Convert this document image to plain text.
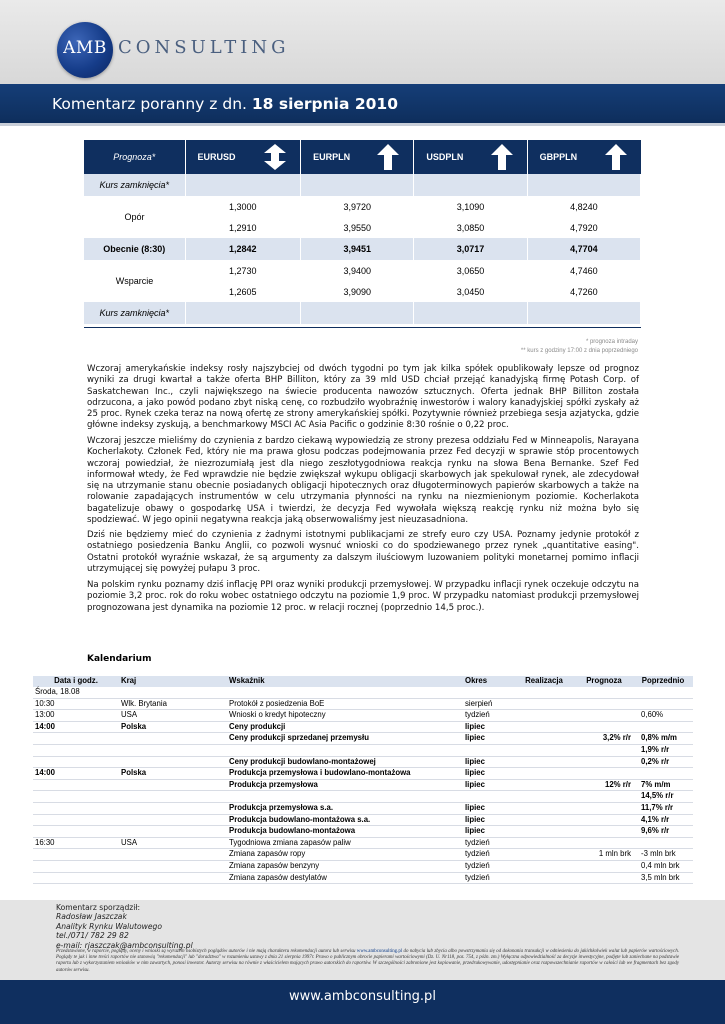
AMB CONSULTING
Komentarz poranny z dn. 18 sierpnia 2010
Prognoza*	EURUSD	EURPLN	USDPLN	GBPPLN

Kurs zamknięcia*				
Opór	1,3000	3,9720	3,1090	4,8240
	1,2910	3,9550	3,0850	4,7920
Obecnie (8:30)	1,2842	3,9451	3,0717	4,7704
Wsparcie	1,2730	3,9400	3,0650	4,7460
	1,2605	3,9090	3,0450	4,7260
Kurs zamknięcia*				
* prognoza intraday
** kurs z godziny 17:00 z dnia poprzedniego

Wczoraj amerykańskie indeksy rosły najszybciej od dwóch tygodni po tym jak kilka spółek opublikowały lepsze od prognoz wyniki za drugi kwartał a także oferta BHP Billiton, który za 39 mld USD chciał przejąć kanadyjską firmę Potash Corp. of Saskatchewan Inc., czyli największego na świecie producenta nawozów sztucznych. Oferta jednak BHP Billiton została odrzucona, a jako powód podano zbyt niską cenę, co rozbudziło wyobraźnię inwestorów i walory kanadyjskiej spółki zyskały aż 25 proc. Rynek czeka teraz na nową ofertę ze strony amerykańskiej spółki. Pozytywnie również przebiega sesja azjatycka, gdzie główne indeksy zyskują, a benchmarkowy MSCI AC Asia Pacific o godzinie 8:30 rośnie o 0,22 proc.

Wczoraj jeszcze mieliśmy do czynienia z bardzo ciekawą wypowiedzią ze strony prezesa oddziału Fed w Minneapolis, Narayana Kocherlakoty. Członek Fed, który nie ma prawa głosu podczas podejmowania przez Fed decyzji w sprawie stóp procentowych wczoraj powiedział, że niezrozumiałą jest dla niego zeszłotygodniowa reakcja rynku na słowa Bena Bernanke. Szef Fed informował wtedy, że Fed wprawdzie nie będzie zwiększał wykupu obligacji skarbowych jak spekulował rynek, ale zdecydował się na utrzymanie stanu obecnie posiadanych obligacji hipotecznych oraz długoterminowych papierów skarbowych a także na rolowanie zapadających instrumentów w celu utrzymania płynności na rynku na niezmienionym poziomie. Kocherlakota bagatelizuje obawy o gospodarkę USA i twierdzi, że decyzja Fed wywołała większą reakcję rynku niż można było się spodziewać. W jego opinii negatywna reakcja jaką obserwowaliśmy jest nieuzasadniona.

Dziś nie będziemy mieć do czynienia z żadnymi istotnymi publikacjami ze strefy euro czy USA. Poznamy jedynie protokół z ostatniego posiedzenia Banku Anglii, co pozwoli wysnuć wnioski co do spodziewanego przez rynek „quantitative easing". Ostatni protokół wyraźnie wskazał, że są argumenty za dalszym iluściowym luzowaniem polityki monetarnej pomimo inflacji utrzymującej się powyżej pułapu 3 proc.

Na polskim rynku poznamy dziś inflację PPI oraz wyniki produkcji przemysłowej. W przypadku inflacji rynek oczekuje odczytu na poziomie 3,2 proc. rok do roku wobec ostatniego odczytu na poziomie 1,9 proc. W przypadku natomiast produkcji przemysłowej prognozowana jest dynamika na poziomie 12 proc. w relacji rocznej (poprzednio 14,5 proc.).

Kalendarium
Data i godz.	Kraj	Wskaźnik	Okres	Realizacja	Prognoza	Poprzednio
Środa, 18.08						
10:30	Wlk. Brytania	Protokół z posiedzenia BoE	sierpień			
13:00	USA	Wnioski o kredyt hipoteczny	tydzień			0,60%
14:00	Polska	Ceny produkcji	lipiec			
		Ceny produkcji sprzedanej przemysłu	lipiec		3,2% r/r	0,8% m/m
						1,9% r/r
		Ceny produkcji budowlano-montażowej	lipiec			0,2% r/r
14:00	Polska	Produkcja przemysłowa i budowlano-montażowa	lipiec			
		Produkcja przemysłowa	lipiec		12% r/r	7% m/m
						14,5% r/r
		Produkcja przemysłowa s.a.	lipiec			11,7% r/r
		Produkcja budowlano-montażowa s.a.	lipiec			4,1% r/r
		Produkcja budowlano-montażowa	lipiec			9,6% r/r
16:30	USA	Tygodniowa zmiana zapasów paliw	tydzień			
		Zmiana zapasów ropy	tydzień		1 mln brk	-3 mln brk
		Zmiana zapasów benzyny	tydzień			0,4 mln brk
		Zmiana zapasów destylatów	tydzień			3,5 mln brk
Komentarz sporządził:
Radosław Jaszczak
Analityk Rynku Walutowego
tel./071/ 782 29 82
e-mail: rjaszczak@ambconsulting.pl
Przedstawione, w raporcie, poglądy, oceny i wnioski są wyrazem osobistych poglądów autorów i nie mają charakteru rekomendacji autora lub serwisu www.ambconsulting.pl do nabycia lub zbycia albo powstrzymania się od dokonania transakcji w odniesieniu do jakichkolwiek walut lub papierów wartościowych. Poglądy te jak i inne treści raportów nie stanowią "rekomendacji" lub "doradztwa" w rozumieniu ustawy z dnia 21 sierpnia 1997r. Prawo o publicznym obrocie papierami wartościowymi (Dz. U. Nr118, poz. 754, z późn. zm.) Wyłączna odpowiedzialność za decyzje inwestycyjne, podjęte lub zaniechane na podstawie raportu lub z wykorzystaniem wniosków w nim zawartych, ponosi inwestor. Autorzy serwisu na równie z właścicielem mających prawo autorskich do raportów. W szczególności zabronione jest kopiowanie, przedrukowywanie, udostępnianie oraz rozpowszechnianie raportów w całości lub we fragmentach bez zgody autorów serwisu.
www.ambconsulting.pl
